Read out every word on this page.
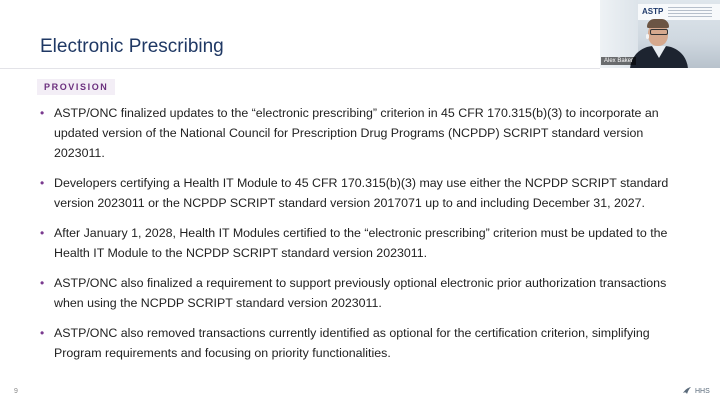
Electronic Prescribing
PROVISION
• ASTP/ONC finalized updates to the “electronic prescribing” criterion in 45 CFR 170.315(b)(3) to incorporate an updated version of the National Council for Prescription Drug Programs (NCPDP) SCRIPT standard version 2023011.
• Developers certifying a Health IT Module to 45 CFR 170.315(b)(3) may use either the NCPDP SCRIPT standard version 2023011 or the NCPDP SCRIPT standard version 2017071 up to and including December 31, 2027.
• After January 1, 2028, Health IT Modules certified to the “electronic prescribing” criterion must be updated to the Health IT Module to the NCPDP SCRIPT standard version 2023011.
• ASTP/ONC also finalized a requirement to support previously optional electronic prior authorization transactions when using the NCPDP SCRIPT standard version 2023011.
• ASTP/ONC also removed transactions currently identified as optional for the certification criterion, simplifying Program requirements and focusing on priority functionalities.
9	HHS
ASTP
Alex Baker
